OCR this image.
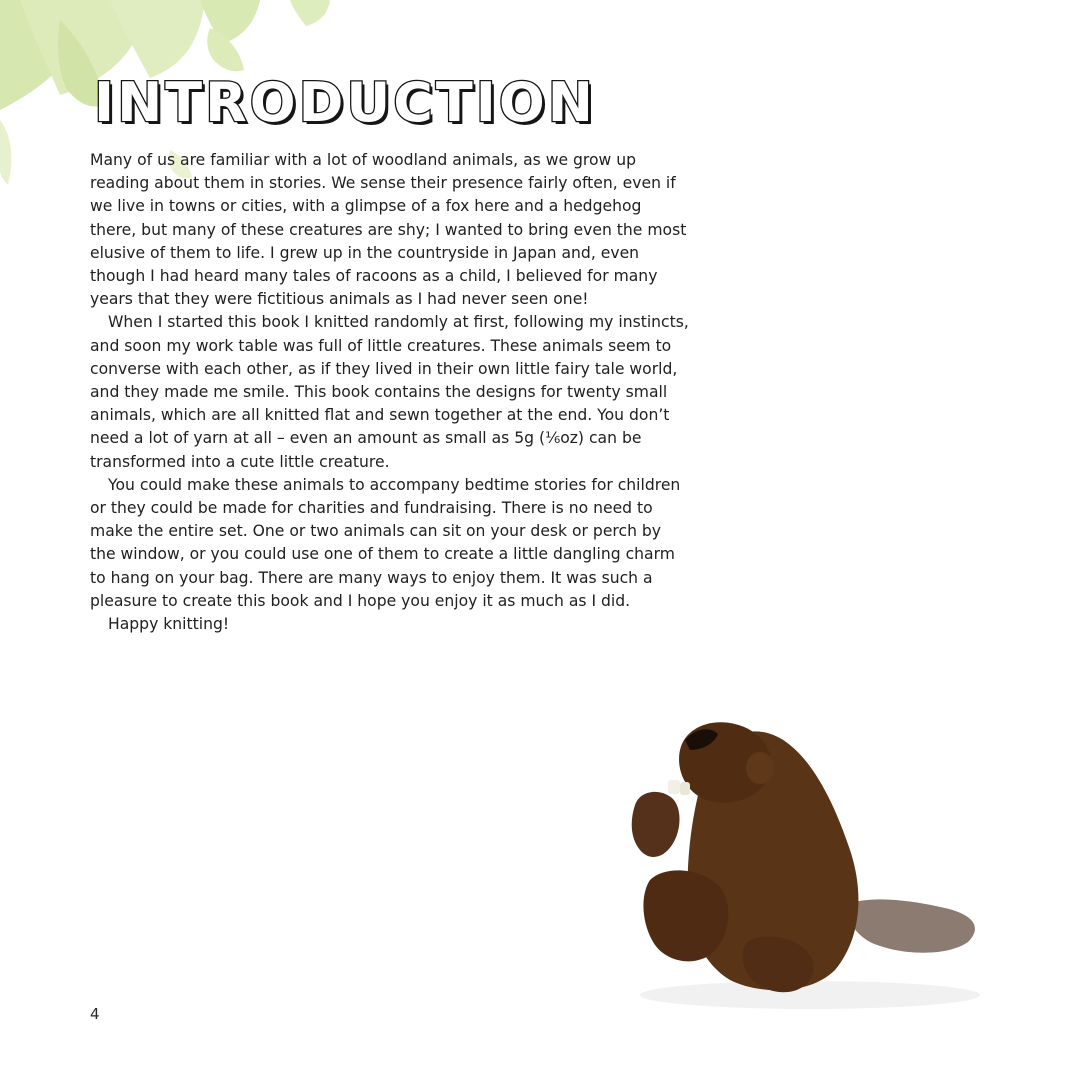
INTRODUCTION

Many of us are familiar with a lot of woodland animals, as we grow up reading about them in stories. We sense their presence fairly often, even if we live in towns or cities, with a glimpse of a fox here and a hedgehog there, but many of these creatures are shy; I wanted to bring even the most elusive of them to life. I grew up in the countryside in Japan and, even though I had heard many tales of racoons as a child, I believed for many years that they were fictitious animals as I had never seen one!

When I started this book I knitted randomly at first, following my instincts, and soon my work table was full of little creatures. These animals seem to converse with each other, as if they lived in their own little fairy tale world, and they made me smile. This book contains the designs for twenty small animals, which are all knitted flat and sewn together at the end. You don’t need a lot of yarn at all – even an amount as small as 5g (⅙oz) can be transformed into a cute little creature.

You could make these animals to accompany bedtime stories for children or they could be made for charities and fundraising. There is no need to make the entire set. One or two animals can sit on your desk or perch by the window, or you could use one of them to create a little dangling charm to hang on your bag. There are many ways to enjoy them. It was such a pleasure to create this book and I hope you enjoy it as much as I did.

Happy knitting!

4
